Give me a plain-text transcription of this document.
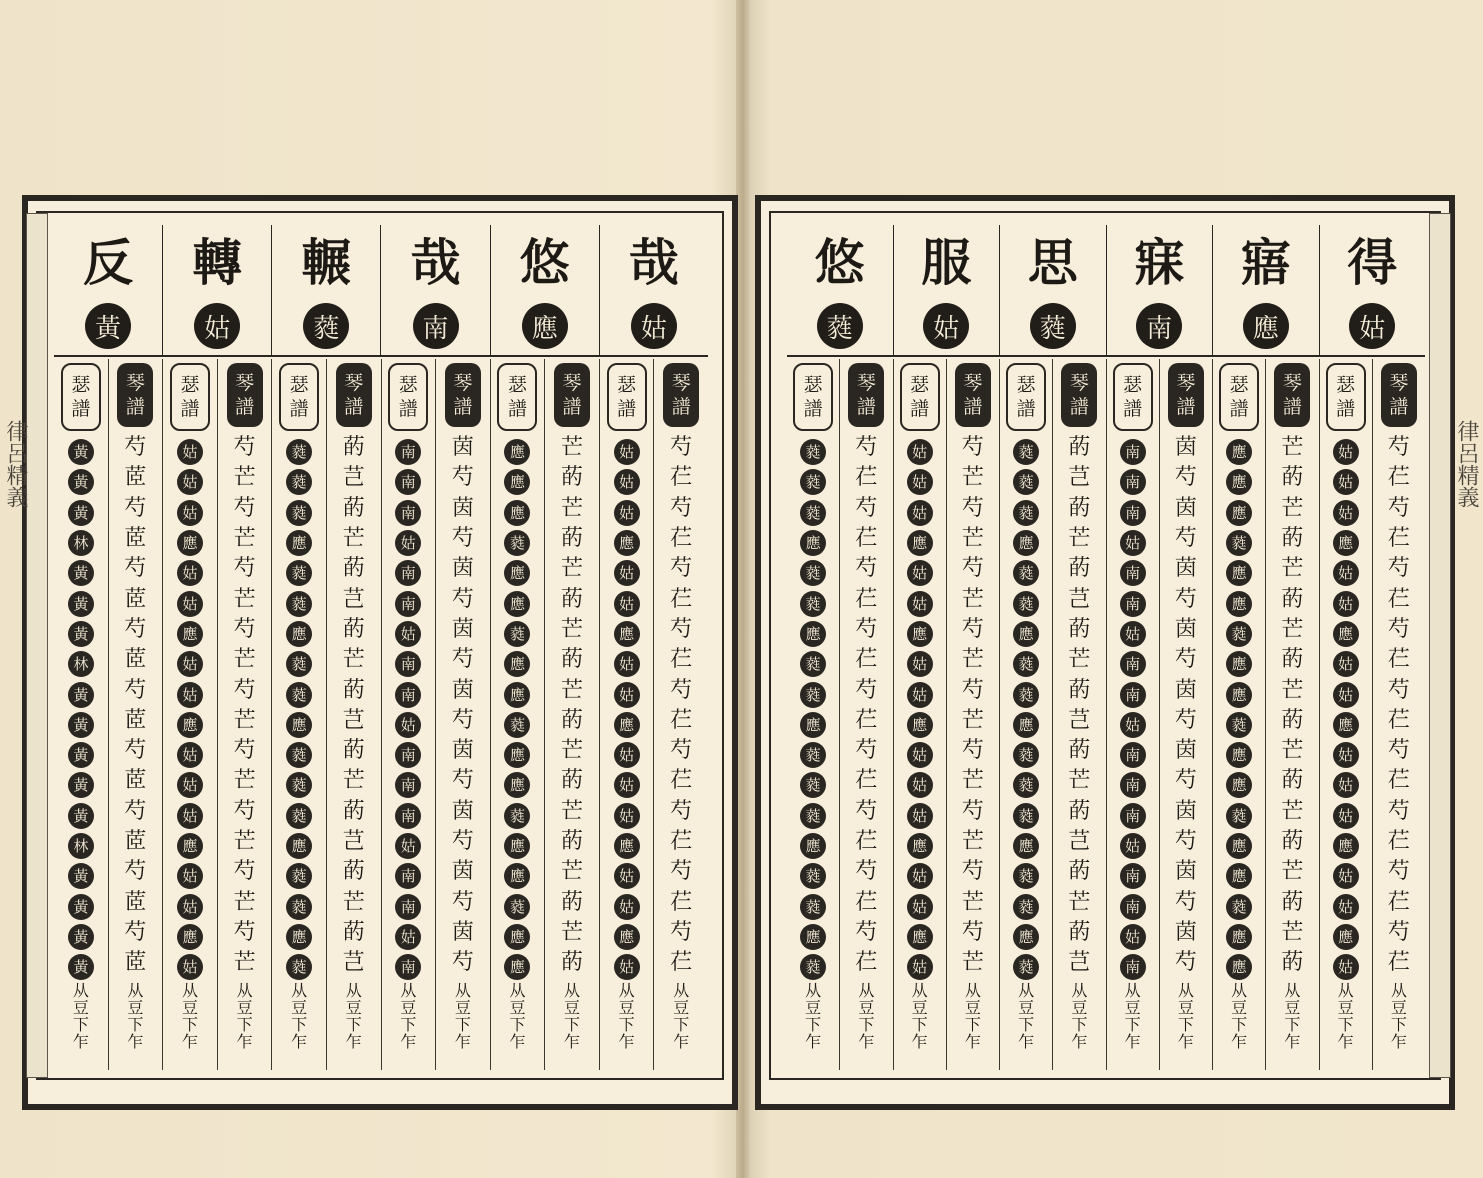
哉
姑
悠
應
哉
南
輾
蕤
轉
姑
反
黃
琴
譜
芍
芢
芍
芢
芍
芢
芍
芢
芍
芢
芍
芢
芍
芢
芍
芢
芍
芢
从
豆
下
乍
瑟
譜
姑
姑
姑
應
姑
姑
應
姑
姑
應
姑
姑
姑
應
姑
姑
應
姑
从
豆
下
乍
琴
譜
芒
菂
芒
菂
芒
菂
芒
菂
芒
菂
芒
菂
芒
菂
芒
菂
芒
菂
从
豆
下
乍
瑟
譜
應
應
應
蕤
應
應
蕤
應
應
蕤
應
應
蕤
應
應
蕤
應
應
从
豆
下
乍
琴
譜
茵
芍
茵
芍
茵
芍
茵
芍
茵
芍
茵
芍
茵
芍
茵
芍
茵
芍
从
豆
下
乍
瑟
譜
南
南
南
姑
南
南
姑
南
南
姑
南
南
南
姑
南
南
姑
南
从
豆
下
乍
琴
譜
菂
芑
菂
芒
菂
芑
菂
芒
菂
芑
菂
芒
菂
芑
菂
芒
菂
芑
从
豆
下
乍
瑟
譜
蕤
蕤
蕤
應
蕤
蕤
應
蕤
蕤
應
蕤
蕤
蕤
應
蕤
蕤
應
蕤
从
豆
下
乍
琴
譜
芍
芒
芍
芒
芍
芒
芍
芒
芍
芒
芍
芒
芍
芒
芍
芒
芍
芒
从
豆
下
乍
瑟
譜
姑
姑
姑
應
姑
姑
應
姑
姑
應
姑
姑
姑
應
姑
姑
應
姑
从
豆
下
乍
琴
譜
芍
茝
芍
茝
芍
茝
芍
茝
芍
茝
芍
茝
芍
茝
芍
茝
芍
茝
从
豆
下
乍
瑟
譜
黃
黃
黃
林
黃
黃
黃
林
黃
黃
黃
黃
黃
林
黃
黃
黃
黃
从
豆
下
乍
得
姑
寤
應
寐
南
思
蕤
服
姑
悠
蕤
琴
譜
芍
芢
芍
芢
芍
芢
芍
芢
芍
芢
芍
芢
芍
芢
芍
芢
芍
芢
从
豆
下
乍
瑟
譜
姑
姑
姑
應
姑
姑
應
姑
姑
應
姑
姑
姑
應
姑
姑
應
姑
从
豆
下
乍
琴
譜
芒
菂
芒
菂
芒
菂
芒
菂
芒
菂
芒
菂
芒
菂
芒
菂
芒
菂
从
豆
下
乍
瑟
譜
應
應
應
蕤
應
應
蕤
應
應
蕤
應
應
蕤
應
應
蕤
應
應
从
豆
下
乍
琴
譜
茵
芍
茵
芍
茵
芍
茵
芍
茵
芍
茵
芍
茵
芍
茵
芍
茵
芍
从
豆
下
乍
瑟
譜
南
南
南
姑
南
南
姑
南
南
姑
南
南
南
姑
南
南
姑
南
从
豆
下
乍
琴
譜
菂
芑
菂
芒
菂
芑
菂
芒
菂
芑
菂
芒
菂
芑
菂
芒
菂
芑
从
豆
下
乍
瑟
譜
蕤
蕤
蕤
應
蕤
蕤
應
蕤
蕤
應
蕤
蕤
蕤
應
蕤
蕤
應
蕤
从
豆
下
乍
琴
譜
芍
芒
芍
芒
芍
芒
芍
芒
芍
芒
芍
芒
芍
芒
芍
芒
芍
芒
从
豆
下
乍
瑟
譜
姑
姑
姑
應
姑
姑
應
姑
姑
應
姑
姑
姑
應
姑
姑
應
姑
从
豆
下
乍
琴
譜
芍
芢
芍
芢
芍
芢
芍
芢
芍
芢
芍
芢
芍
芢
芍
芢
芍
芢
从
豆
下
乍
瑟
譜
蕤
蕤
蕤
應
蕤
蕤
應
蕤
蕤
應
蕤
蕤
蕤
應
蕤
蕤
應
蕤
从
豆
下
乍
律呂精義	律呂精義
